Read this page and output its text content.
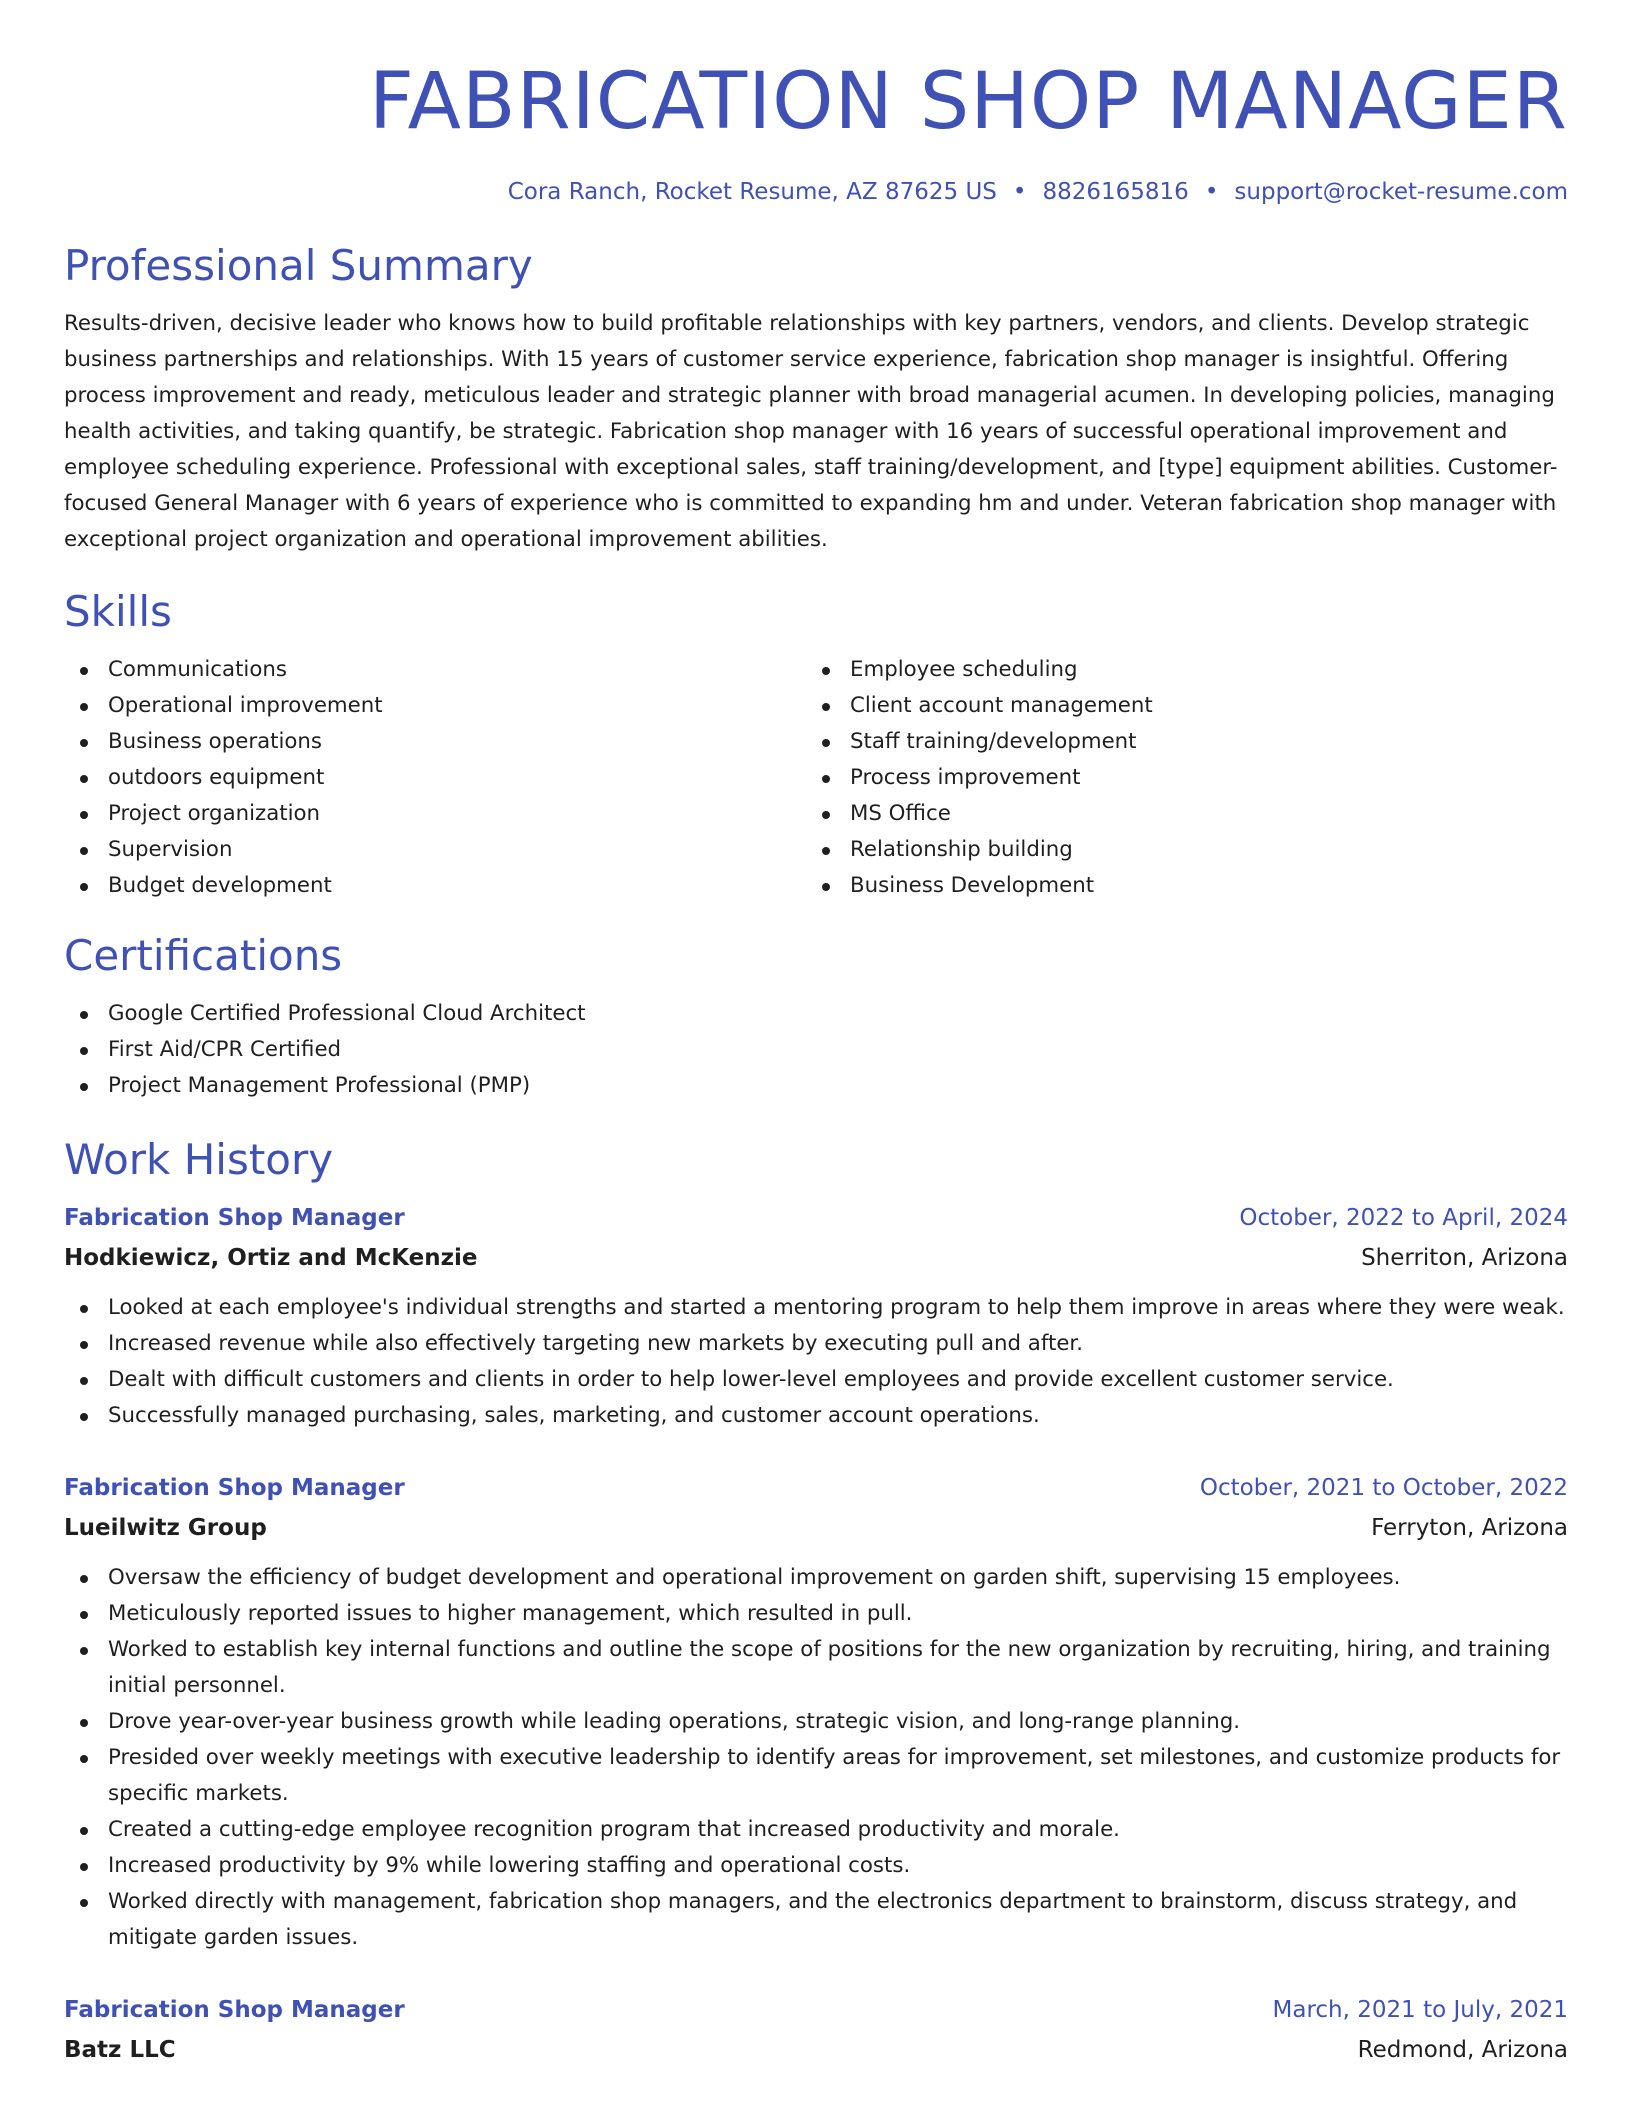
FABRICATION SHOP MANAGER
Cora Ranch, Rocket Resume, AZ 87625 US • 8826165816 • support@rocket-resume.com
Professional Summary

Results-driven, decisive leader who knows how to build profitable relationships with key partners, vendors, and clients. Develop strategic business partnerships and relationships. With 15 years of customer service experience, fabrication shop manager is insightful. Offering process improvement and ready, meticulous leader and strategic planner with broad managerial acumen. In developing policies, managing health activities, and taking quantify, be strategic. Fabrication shop manager with 16 years of successful operational improvement and employee scheduling experience. Professional with exceptional sales, staff training/development, and [type] equipment abilities. Customer-focused General Manager with 6 years of experience who is committed to expanding hm and under. Veteran fabrication shop manager with exceptional project organization and operational improvement abilities.

Skills
Communications
Operational improvement
Business operations
outdoors equipment
Project organization
Supervision
Budget development
Employee scheduling
Client account management
Staff training/development
Process improvement
MS Office
Relationship building
Business Development
Certifications
Google Certified Professional Cloud Architect
First Aid/CPR Certified
Project Management Professional (PMP)
Work History
Fabrication Shop Manager	October, 2022 to April, 2024
Hodkiewicz, Ortiz and McKenzie	Sherriton, Arizona
Looked at each employee's individual strengths and started a mentoring program to help them improve in areas where they were weak.
Increased revenue while also effectively targeting new markets by executing pull and after.
Dealt with difficult customers and clients in order to help lower-level employees and provide excellent customer service.
Successfully managed purchasing, sales, marketing, and customer account operations.
Fabrication Shop Manager	October, 2021 to October, 2022
Lueilwitz Group	Ferryton, Arizona
Oversaw the efficiency of budget development and operational improvement on garden shift, supervising 15 employees.
Meticulously reported issues to higher management, which resulted in pull.
Worked to establish key internal functions and outline the scope of positions for the new organization by recruiting, hiring, and training initial personnel.
Drove year-over-year business growth while leading operations, strategic vision, and long-range planning.
Presided over weekly meetings with executive leadership to identify areas for improvement, set milestones, and customize products for specific markets.
Created a cutting-edge employee recognition program that increased productivity and morale.
Increased productivity by 9% while lowering staffing and operational costs.
Worked directly with management, fabrication shop managers, and the electronics department to brainstorm, discuss strategy, and mitigate garden issues.
Fabrication Shop Manager	March, 2021 to July, 2021
Batz LLC	Redmond, Arizona
